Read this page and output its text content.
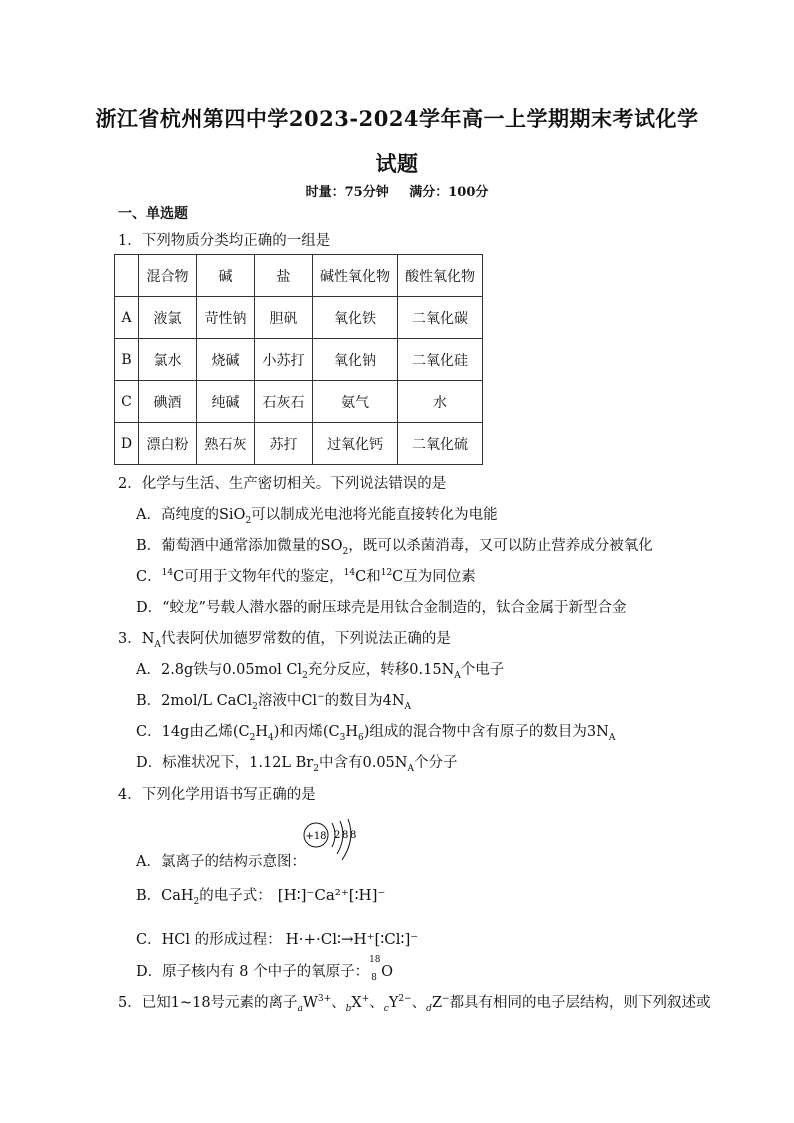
浙江省杭州第四中学2023-2024学年高一上学期期末考试化学
试题
时量：75分钟 满分：100分
一、单选题
1．下列物质分类均正确的一组是
	混合物	碱	盐	碱性氧化物	酸性氧化物
A	液氯	苛性钠	胆矾	氧化铁	二氧化碳
B	氯水	烧碱	小苏打	氧化钠	二氧化硅
C	碘酒	纯碱	石灰石	氨气	水
D	漂白粉	熟石灰	苏打	过氧化钙	二氧化硫
2．化学与生活、生产密切相关。下列说法错误的是
A．高纯度的SiO$_2$可以制成光电池将光能直接转化为电能
B．葡萄酒中通常添加微量的$SO_2$，既可以杀菌消毒，又可以防止营养成分被氧化
C．$^{14}$C可用于文物年代的鉴定，$^{14}$C和$^{12}$C互为同位素
D．“蛟龙”号载人潜水器的耐压球壳是用钛合金制造的，钛合金属于新型合金
3．$N_A$代表阿伏加德罗常数的值，下列说法正确的是
A．2.8g铁与0.05mol $Cl_2$充分反应，转移$0.15N_A$个电子
B．2mol/L CaCl$_2$溶液中Cl−的数目为$4N_A$
C．14g由乙烯$(C_2H_4)$和丙烯$(C_3H_6)$组成的混合物中含有原子的数目为$3N_A$
D．标准状况下，1.12L $Br_2$中含有$0.05N_A$个分子
4．下列化学用语书写正确的是
A．氯离子的结构示意图：
+18 2 8 8
B．CaH$_2$的电子式： [H∶]⁻Ca²⁺[∶H]⁻
C．HCl 的形成过程： H·+·Cl∶→H⁺[∶Cl∶]⁻
D．原子核内有 8 个中子的氧原子：
18
8 O
5．已知1~18号元素的离子$_aW^{3+}$、$_b$X+、$_cY^{2-}$、$_d$Z−都具有相同的电子层结构，则下列叙述或
